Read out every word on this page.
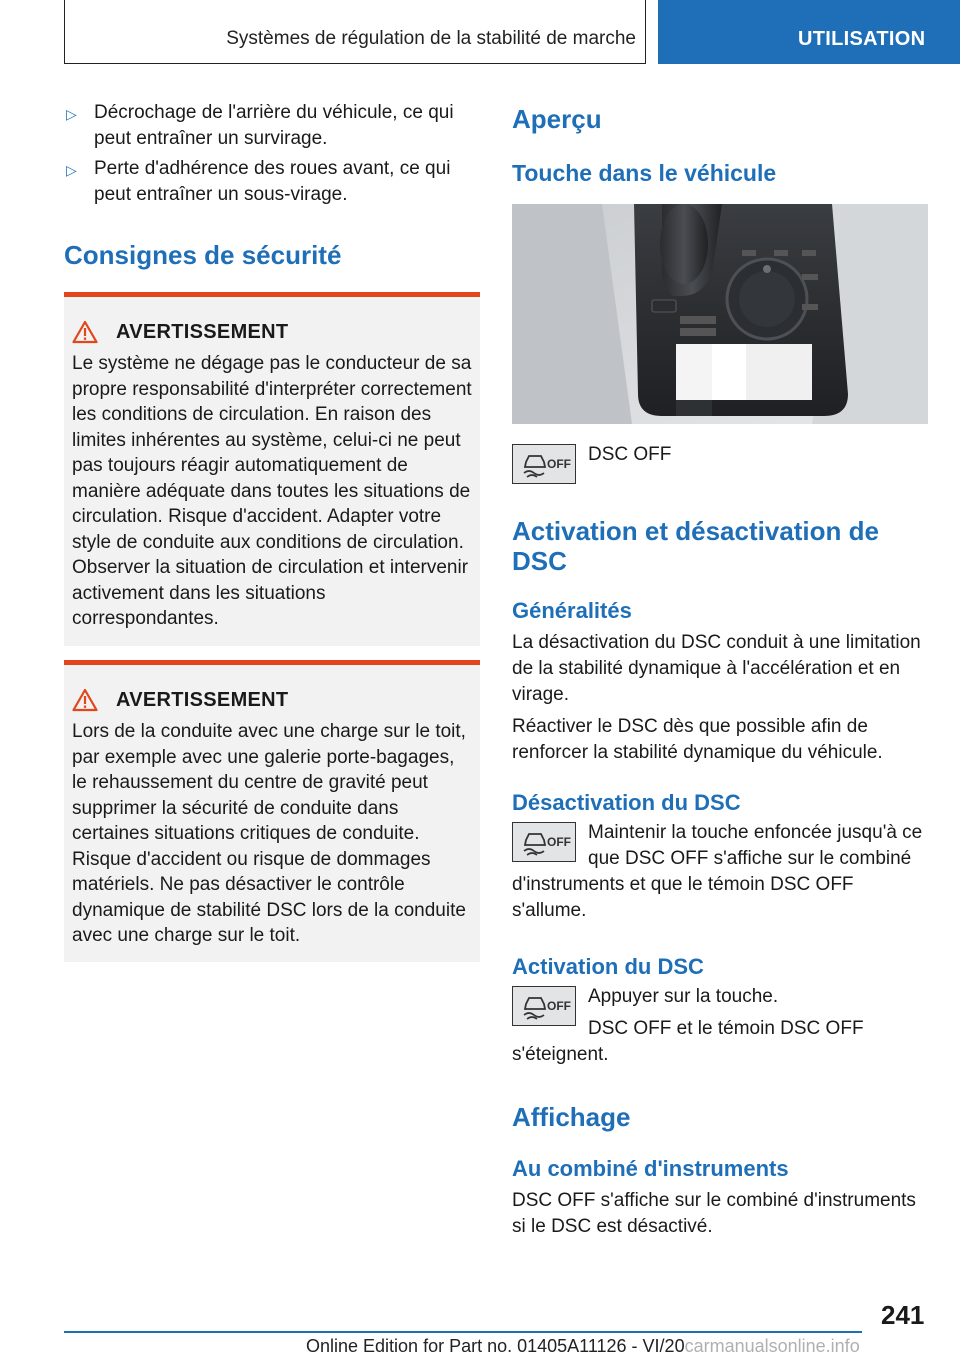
Systèmes de régulation de la stabilité de marche	UTILISATION
▷ Décrochage de l'arrière du véhicule, ce qui peut entraîner un survirage.
▷ Perte d'adhérence des roues avant, ce qui peut entraîner un sous-virage.
Consignes de sécurité
AVERTISSEMENT

Le système ne dégage pas le conducteur de sa propre responsabilité d'interpréter correctement les conditions de circulation. En raison des limites inhérentes au système, celui-ci ne peut pas toujours réagir automatiquement de manière adéquate dans toutes les situations de circulation. Risque d'accident. Adapter votre style de conduite aux conditions de circulation. Observer la situation de circulation et intervenir activement dans les situations correspondantes.

AVERTISSEMENT

Lors de la conduite avec une charge sur le toit, par exemple avec une galerie porte-bagages, le rehaussement du centre de gravité peut supprimer la sécurité de conduite dans certaines situations critiques de conduite. Risque d'accident ou risque de dommages matériels. Ne pas désactiver le contrôle dynamique de stabilité DSC lors de la conduite avec une charge sur le toit.

Aperçu
Touche dans le véhicule
OFF DSC OFF

Activation et désactivation de DSC
Généralités

La désactivation du DSC conduit à une limitation de la stabilité dynamique à l'accélération et en virage.

Réactiver le DSC dès que possible afin de renforcer la stabilité dynamique du véhicule.

Désactivation du DSC
OFF Maintenir la touche enfoncée jusqu'à ce que DSC OFF s'affiche sur le combiné d'instruments et que le témoin DSC OFF s'allume.

Activation du DSC
OFF Appuyer sur la touche.

DSC OFF et le témoin DSC OFF s'éteignent.

Affichage
Au combiné d'instruments

DSC OFF s'affiche sur le combiné d'instruments si le DSC est désactivé.

241
Online Edition for Part no. 01405A11126 - VI/20carmanualsonline.info
